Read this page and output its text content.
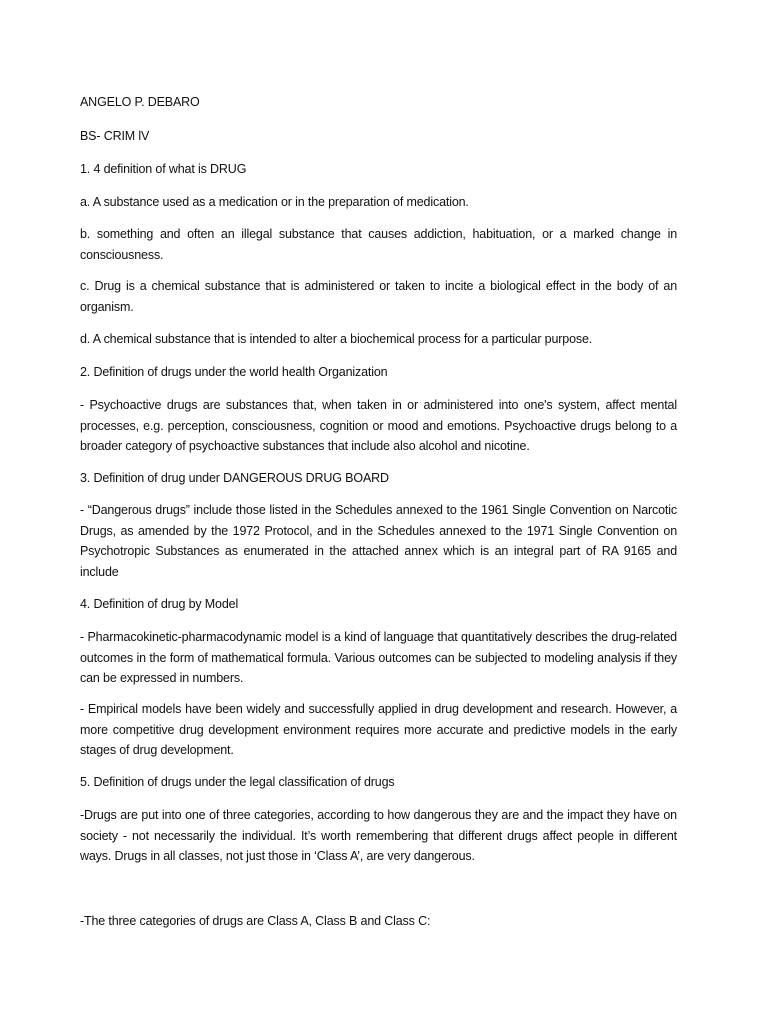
ANGELO P. DEBARO

BS- CRIM lV

1. 4 definition of what is DRUG

a. A substance used as a medication or in the preparation of medication.

b. something and often an illegal substance that causes addiction, habituation, or a marked change in consciousness.

c. Drug is a chemical substance that is administered or taken to incite a biological effect in the body of an organism.

d. A chemical substance that is intended to alter a biochemical process for a particular purpose.

2. Definition of drugs under the world health Organization

- Psychoactive drugs are substances that, when taken in or administered into one's system, affect mental processes, e.g. perception, consciousness, cognition or mood and emotions. Psychoactive drugs belong to a broader category of psychoactive substances that include also alcohol and nicotine.

3. Definition of drug under DANGEROUS DRUG BOARD

- “Dangerous drugs” include those listed in the Schedules annexed to the 1961 Single Convention on Narcotic Drugs, as amended by the 1972 Protocol, and in the Schedules annexed to the 1971 Single Convention on Psychotropic Substances as enumerated in the attached annex which is an integral part of RA 9165 and include

4. Definition of drug by Model

- Pharmacokinetic-pharmacodynamic model is a kind of language that quantitatively describes the drug-related outcomes in the form of mathematical formula. Various outcomes can be subjected to modeling analysis if they can be expressed in numbers.

- Empirical models have been widely and successfully applied in drug development and research. However, a more competitive drug development environment requires more accurate and predictive models in the early stages of drug development.

5. Definition of drugs under the legal classification of drugs

-Drugs are put into one of three categories, according to how dangerous they are and the impact they have on society - not necessarily the individual. It’s worth remembering that different drugs affect people in different ways. Drugs in all classes, not just those in ‘Class A’, are very dangerous.

-The three categories of drugs are Class A, Class B and Class C:
